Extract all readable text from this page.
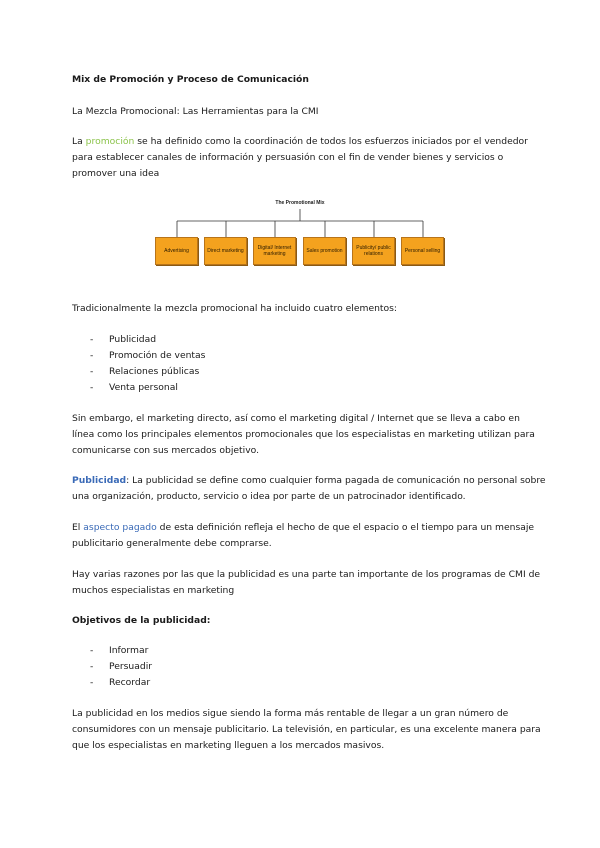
Mix de Promoción y Proceso de Comunicación
La Mezcla Promocional: Las Herramientas para la CMI
La promoción se ha definido como la coordinación de todos los esfuerzos iniciados por el vendedor
para establecer canales de información y persuasión con el fin de vender bienes y servicios o
promover una idea
The Promotional Mix
Advertising	Direct marketing	Digital/ Internet marketing	Sales promotion	Publicity/ public relations	Personal selling
Tradicionalmente la mezcla promocional ha incluido cuatro elementos:
- Publicidad
- Promoción de ventas
- Relaciones públicas
- Venta personal
Sin embargo, el marketing directo, así como el marketing digital / Internet que se lleva a cabo en
línea como los principales elementos promocionales que los especialistas en marketing utilizan para
comunicarse con sus mercados objetivo.
Publicidad: La publicidad se define como cualquier forma pagada de comunicación no personal sobre
una organización, producto, servicio o idea por parte de un patrocinador identificado.
El aspecto pagado de esta definición refleja el hecho de que el espacio o el tiempo para un mensaje
publicitario generalmente debe comprarse.
Hay varias razones por las que la publicidad es una parte tan importante de los programas de CMI de
muchos especialistas en marketing
Objetivos de la publicidad:
- Informar
- Persuadir
- Recordar
La publicidad en los medios sigue siendo la forma más rentable de llegar a un gran número de
consumidores con un mensaje publicitario. La televisión, en particular, es una excelente manera para
que los especialistas en marketing lleguen a los mercados masivos.
